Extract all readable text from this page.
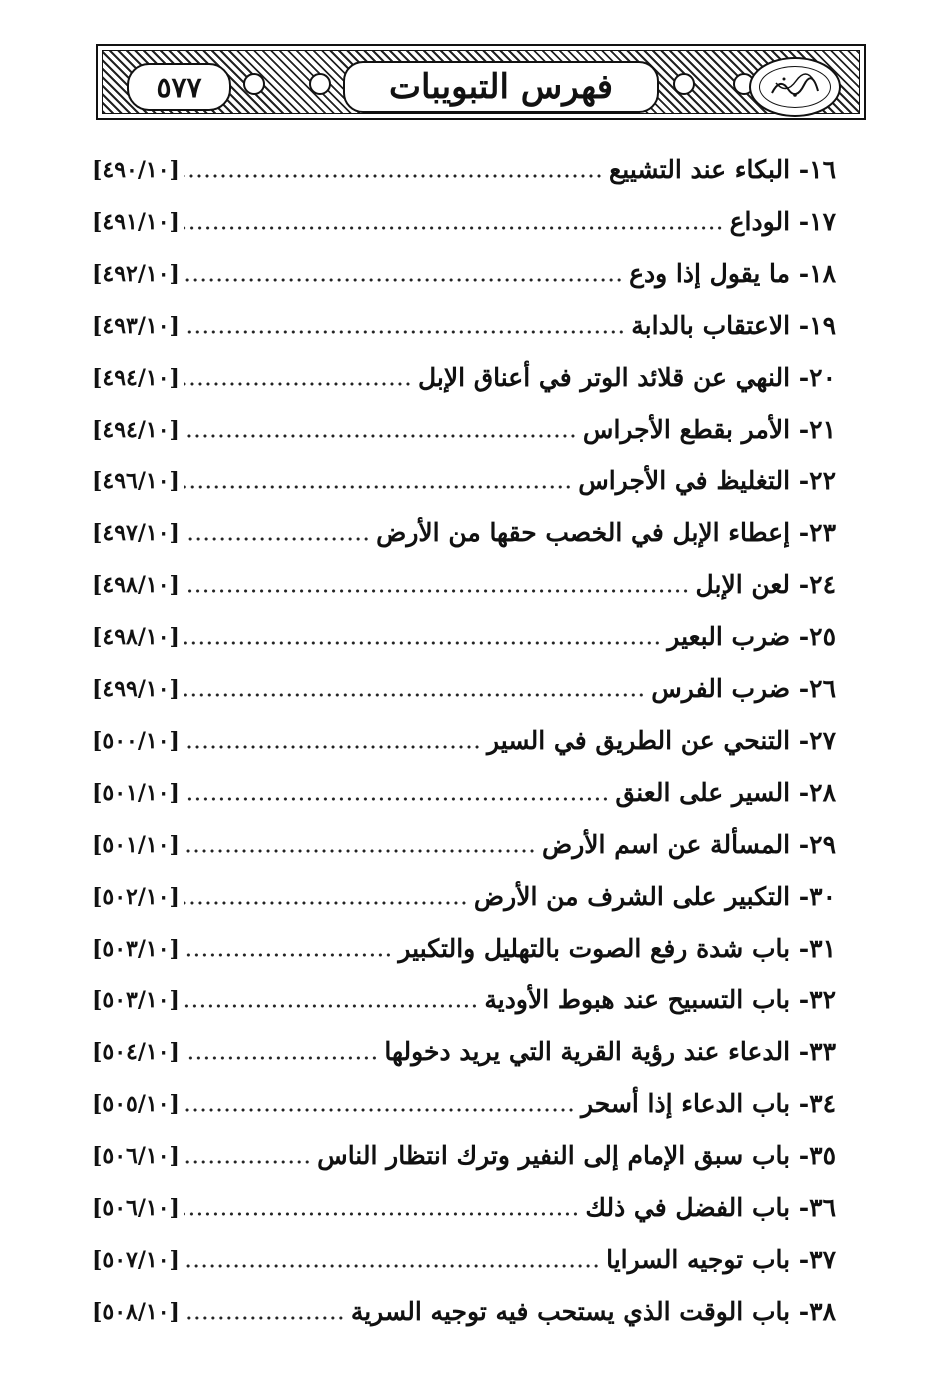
٥٧٧	فهرس التبويبات
١٦- البكاء عند التشييع
[٤٩٠/١٠]
١٧- الوداع
[٤٩١/١٠]
١٨- ما يقول إذا ودع
[٤٩٢/١٠]
١٩- الاعتقاب بالدابة
[٤٩٣/١٠]
٢٠- النهي عن قلائد الوتر في أعناق الإبل
[٤٩٤/١٠]
٢١- الأمر بقطع الأجراس
[٤٩٤/١٠]
٢٢- التغليظ في الأجراس
[٤٩٦/١٠]
٢٣- إعطاء الإبل في الخصب حقها من الأرض
[٤٩٧/١٠]
٢٤- لعن الإبل
[٤٩٨/١٠]
٢٥- ضرب البعير
[٤٩٨/١٠]
٢٦- ضرب الفرس
[٤٩٩/١٠]
٢٧- التنحي عن الطريق في السير
[٥٠٠/١٠]
٢٨- السير على العنق
[٥٠١/١٠]
٢٩- المسألة عن اسم الأرض
[٥٠١/١٠]
٣٠- التكبير على الشرف من الأرض
[٥٠٢/١٠]
٣١- باب شدة رفع الصوت بالتهليل والتكبير
[٥٠٣/١٠]
٣٢- باب التسبيح عند هبوط الأودية
[٥٠٣/١٠]
٣٣- الدعاء عند رؤية القرية التي يريد دخولها
[٥٠٤/١٠]
٣٤- باب الدعاء إذا أسحر
[٥٠٥/١٠]
٣٥- باب سبق الإمام إلى النفير وترك انتظار الناس
[٥٠٦/١٠]
٣٦- باب الفضل في ذلك
[٥٠٦/١٠]
٣٧- باب توجيه السرايا
[٥٠٧/١٠]
٣٨- باب الوقت الذي يستحب فيه توجيه السرية
[٥٠٨/١٠]
